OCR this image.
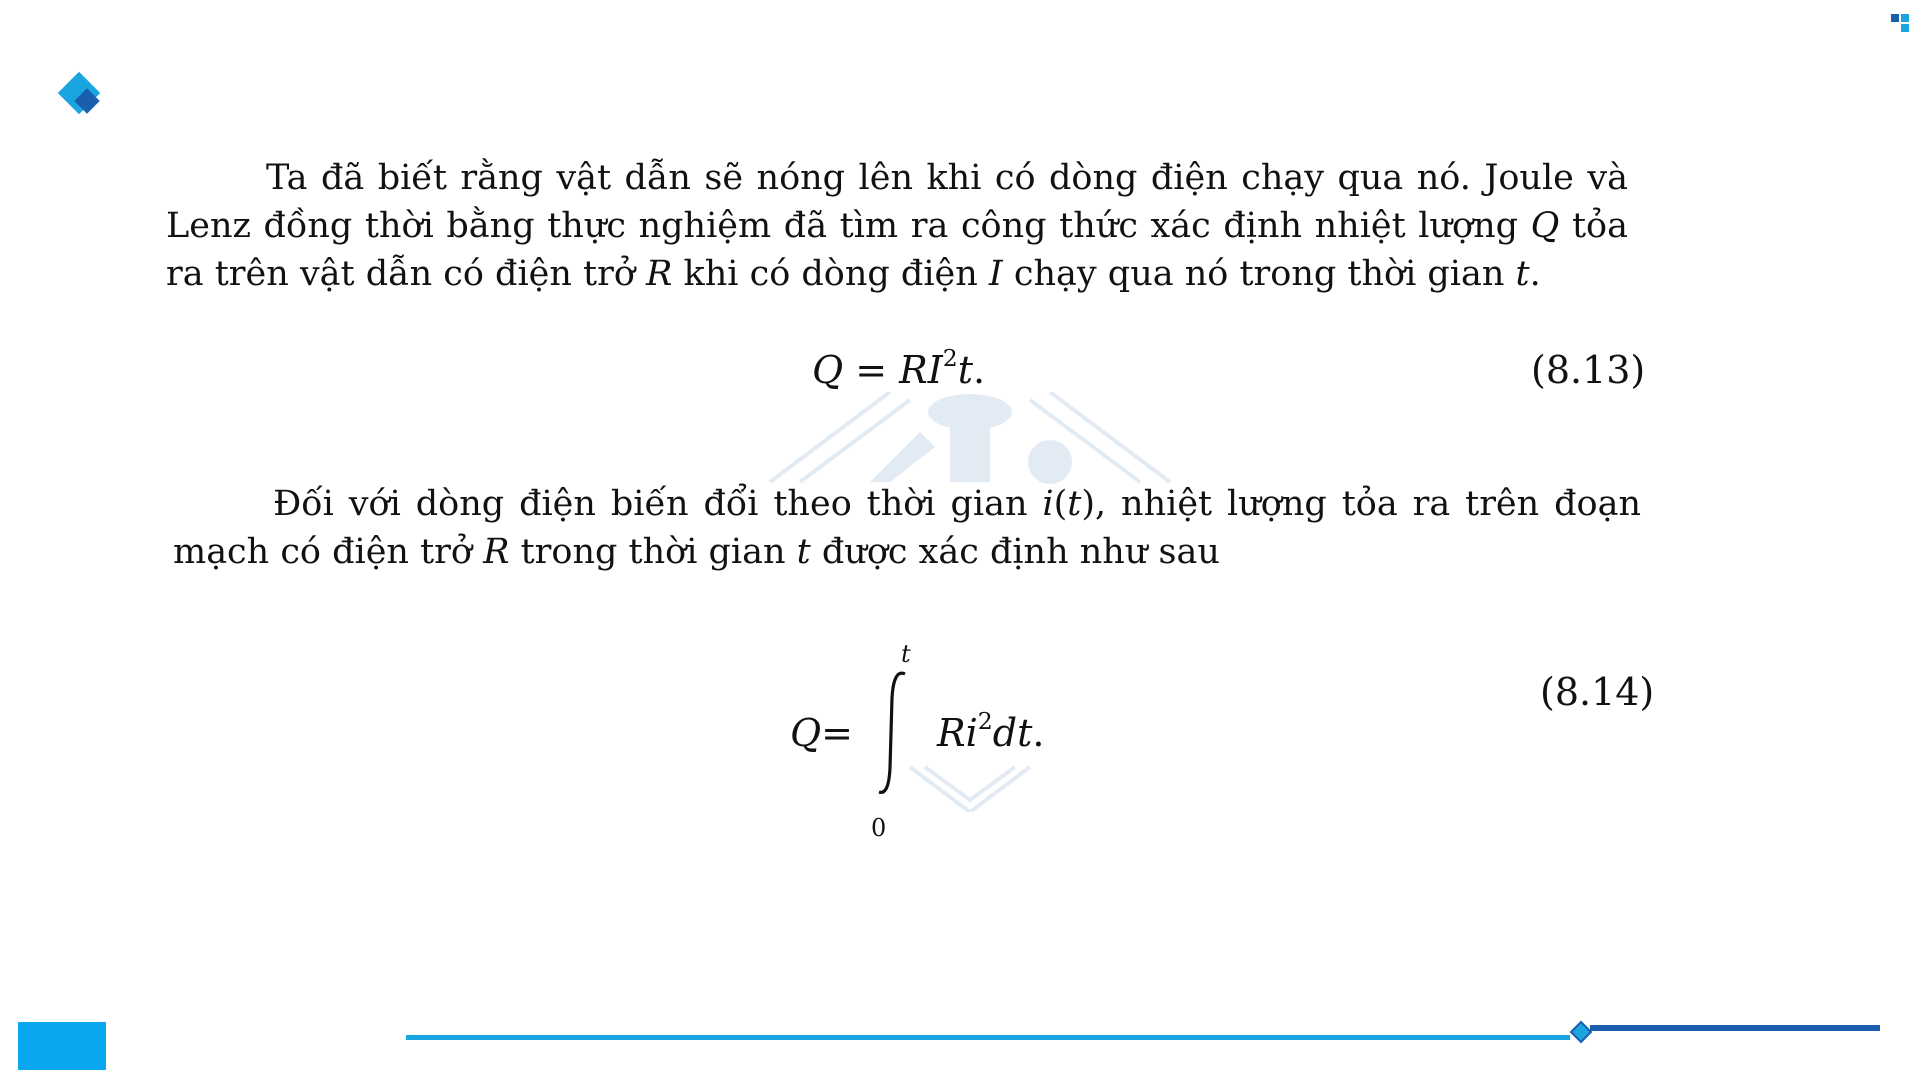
Ta đã biết rằng vật dẫn sẽ nóng lên khi có dòng điện chạy qua nó. Joule và Lenz đồng thời bằng thực nghiệm đã tìm ra công thức xác định nhiệt lượng Q tỏa ra trên vật dẫn có điện trở R khi có dòng điện I chạy qua nó trong thời gian t.

$Q = RI^2t$.	(8.13)

Đối với dòng điện biến đổi theo thời gian i(t), nhiệt lượng tỏa ra trên đoạn mạch có điện trở R trong thời gian t được xác định như sau

Q =
t
0
Ri$^2$dt.
(8.14)
